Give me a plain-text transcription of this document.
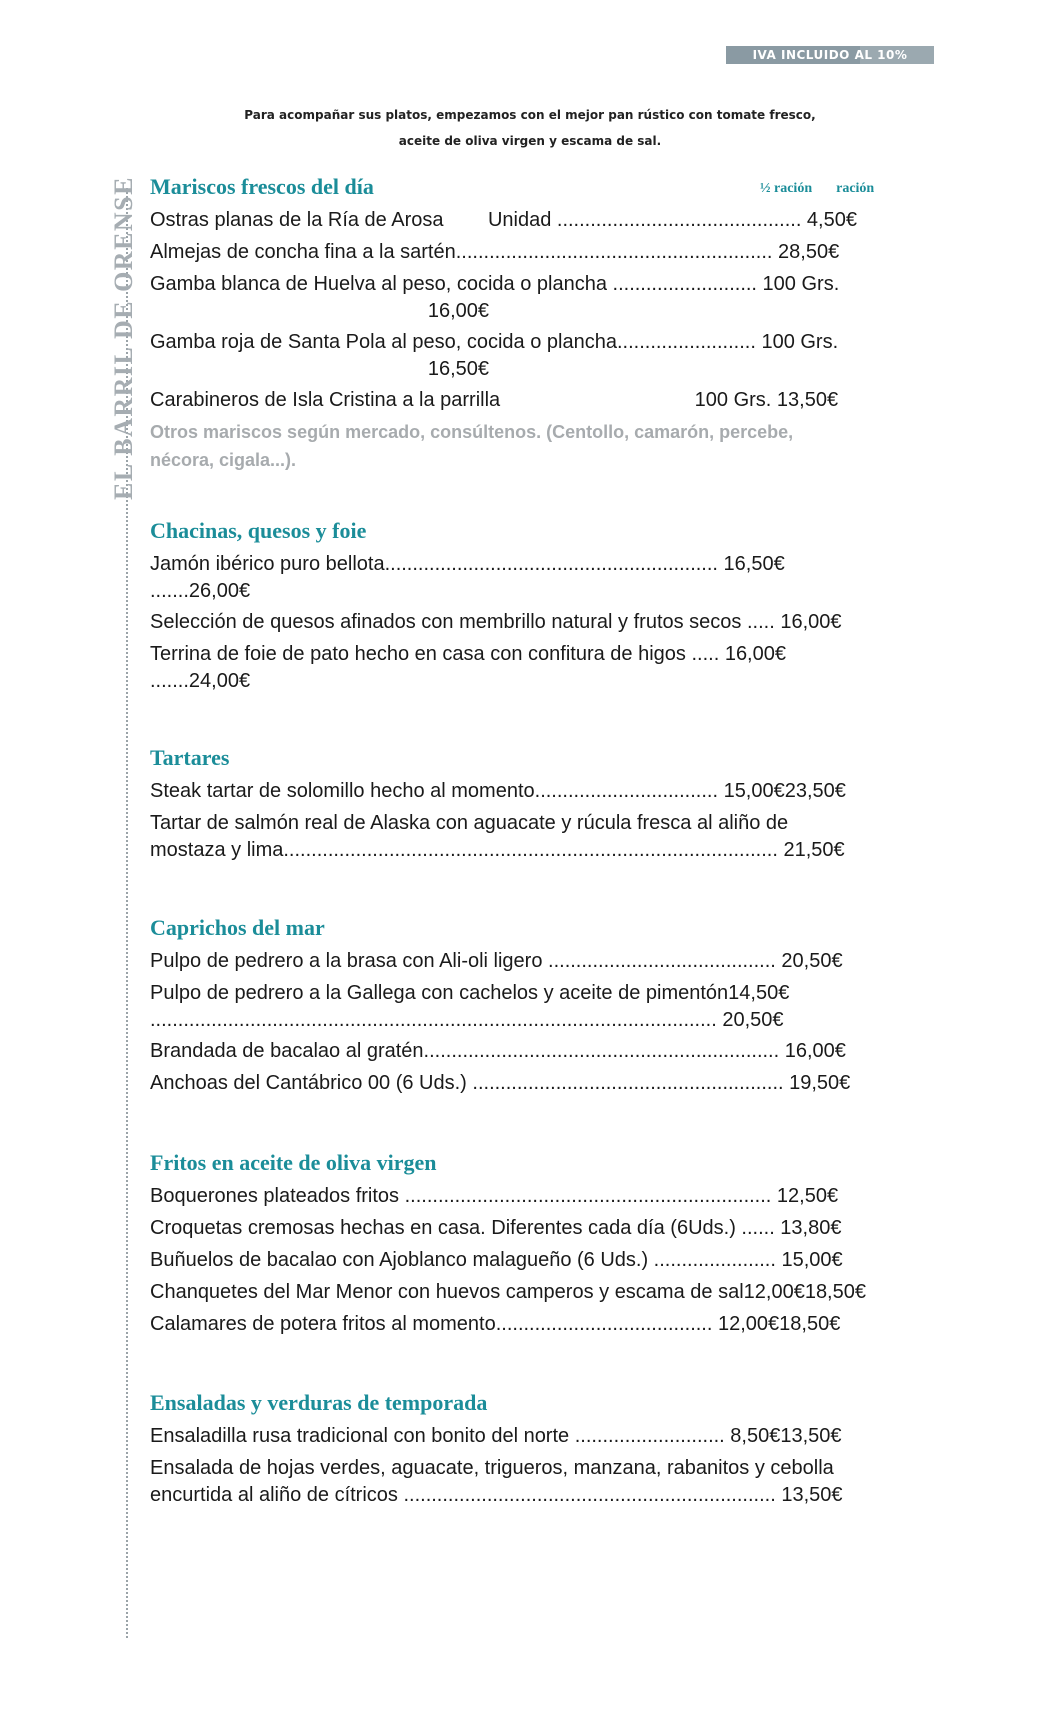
IVA INCLUIDO AL 10%
Para acompañar sus platos, empezamos con el mejor pan rústico con tomate fresco,
aceite de oliva virgen y escama de sal.
EL BARRIL DE ORENSE Mariscos frescos del día	½ ración ración
Ostras planas de la Ría de Arosa        Unidad ............................................ 4,50€
Almejas de concha fina a la sartén......................................................... 28,50€
Gamba blanca de Huelva al peso, cocida o plancha .......................... 100 Grs.
16,00€
Gamba roja de Santa Pola al peso, cocida o plancha......................... 100 Grs.
16,50€
Carabineros de Isla Cristina a la parrilla                                   100 Grs. 13,50€
Otros mariscos según mercado, consúltenos. (Centollo, camarón, percebe,
nécora, cigala...).
Chacinas, quesos y foie
Jamón ibérico puro bellota............................................................ 16,50€
.......26,00€
Selección de quesos afinados con membrillo natural y frutos secos ..... 16,00€
Terrina de foie de pato hecho en casa con confitura de higos ..... 16,00€
.......24,00€
Tartares
Steak tartar de solomillo hecho al momento................................. 15,00€23,50€
Tartar de salmón real de Alaska con aguacate y rúcula fresca al aliño de
mostaza y lima......................................................................................... 21,50€
Caprichos del mar
Pulpo de pedrero a la brasa con Ali-oli ligero ......................................... 20,50€
Pulpo de pedrero a la Gallega con cachelos y aceite de pimentón14,50€
...................................................................................................... 20,50€
Brandada de bacalao al gratén................................................................ 16,00€
Anchoas del Cantábrico 00 (6 Uds.) ........................................................ 19,50€
Fritos en aceite de oliva virgen
Boquerones plateados fritos .................................................................. 12,50€
Croquetas cremosas hechas en casa. Diferentes cada día (6Uds.) ...... 13,80€
Buñuelos de bacalao con Ajoblanco malagueño (6 Uds.) ...................... 15,00€
Chanquetes del Mar Menor con huevos camperos y escama de sal12,00€18,50€
Calamares de potera fritos al momento....................................... 12,00€18,50€
Ensaladas y verduras de temporada
Ensaladilla rusa tradicional con bonito del norte ........................... 8,50€13,50€
Ensalada de hojas verdes, aguacate, trigueros, manzana, rabanitos y cebolla
encurtida al aliño de cítricos ................................................................... 13,50€
